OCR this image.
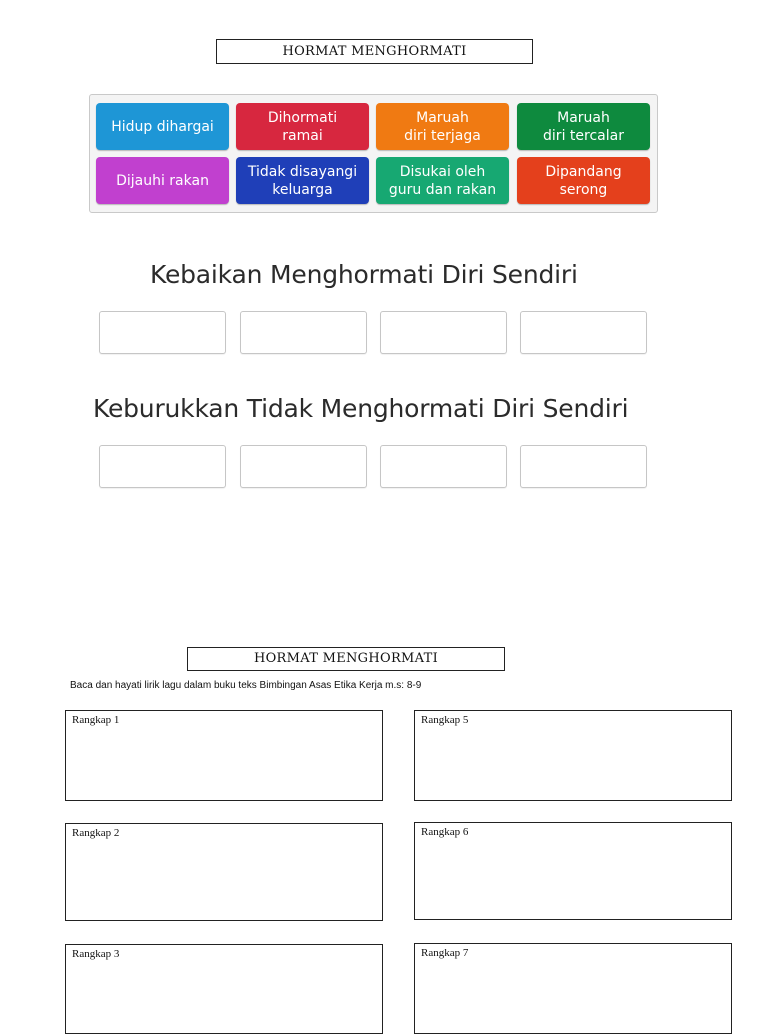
HORMAT MENGHORMATI
Hidup dihargai
Dihormati
ramai
Maruah
diri terjaga
Maruah
diri tercalar
Dijauhi rakan
Tidak disayangi
keluarga
Disukai oleh
guru dan rakan
Dipandang
serong
Kebaikan Menghormati Diri Sendiri
Keburukkan Tidak Menghormati Diri Sendiri
HORMAT MENGHORMATI
Baca dan hayati lirik lagu dalam buku teks Bimbingan Asas Etika Kerja m.s: 8-9
Rangkap 1	Rangkap 5
Rangkap 2	Rangkap 6
Rangkap 3	Rangkap 7
